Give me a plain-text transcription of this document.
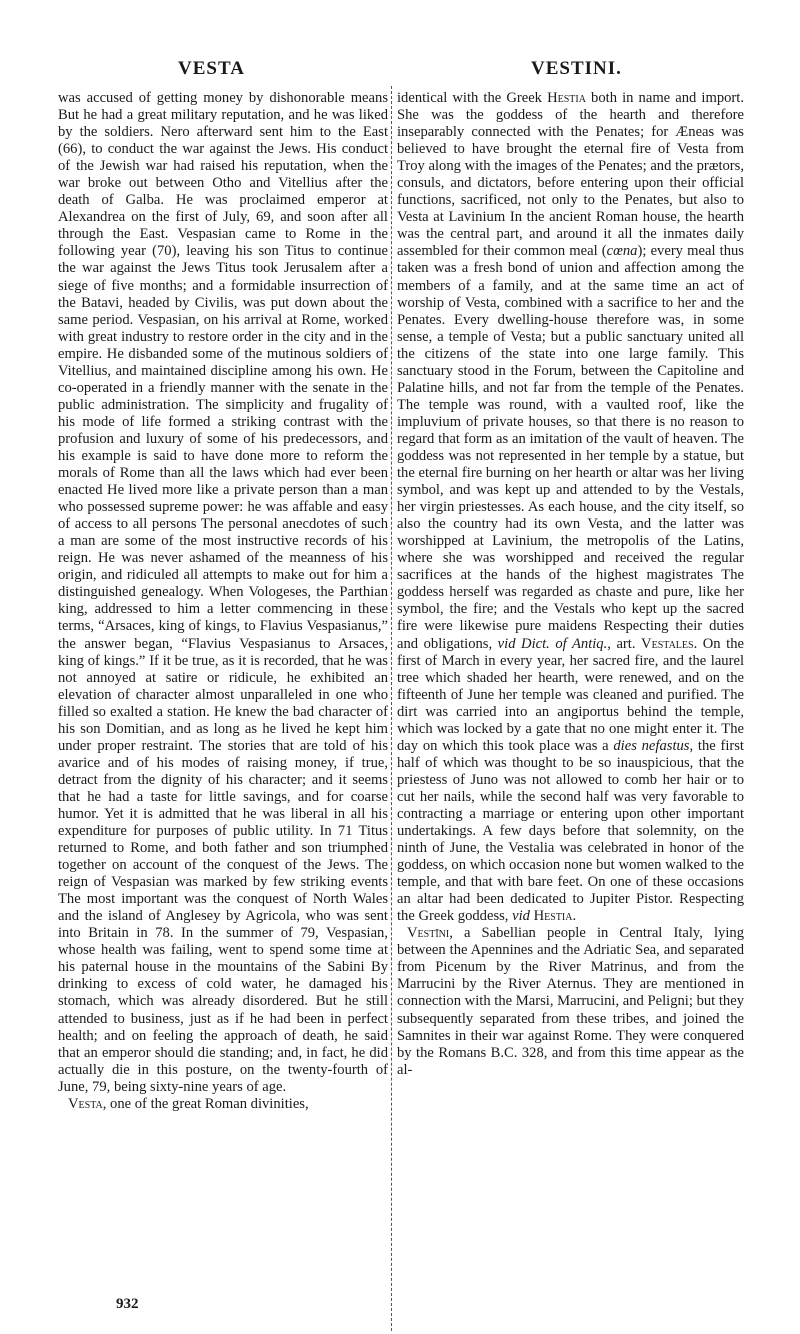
VESTA	VESTINI.

was accused of getting money by dishonorable means But he had a great military reputation, and he was liked by the soldiers. Nero afterward sent him to the East (66), to conduct the war against the Jews. His conduct of the Jewish war had raised his reputation, when the war broke out between Otho and Vitellius after the death of Galba. He was proclaimed emperor at Alexandrea on the first of July, 69, and soon after all through the East. Vespasian came to Rome in the following year (70), leaving his son Titus to continue the war against the Jews Titus took Jerusalem after a siege of five months; and a formidable insurrection of the Batavi, headed by Civilis, was put down about the same period. Vespasian, on his arrival at Rome, worked with great industry to restore order in the city and in the empire. He disbanded some of the mutinous soldiers of Vitellius, and maintained discipline among his own. He co-operated in a friendly manner with the senate in the public administration. The simplicity and frugality of his mode of life formed a striking contrast with the profusion and luxury of some of his predecessors, and his example is said to have done more to reform the morals of Rome than all the laws which had ever been enacted He lived more like a private person than a man who possessed supreme power: he was affable and easy of access to all persons The personal anecdotes of such a man are some of the most instructive records of his reign. He was never ashamed of the meanness of his origin, and ridiculed all attempts to make out for him a distinguished genealogy. When Vologeses, the Parthian king, addressed to him a letter commencing in these terms, “Arsaces, king of kings, to Flavius Vespasianus,” the answer began, “Flavius Vespasianus to Arsaces, king of kings.” If it be true, as it is recorded, that he was not annoyed at satire or ridicule, he exhibited an elevation of character almost unparalleled in one who filled so exalted a station. He knew the bad character of his son Domitian, and as long as he lived he kept him under proper restraint. The stories that are told of his avarice and of his modes of raising money, if true, detract from the dignity of his character; and it seems that he had a taste for little savings, and for coarse humor. Yet it is admitted that he was liberal in all his expenditure for purposes of public utility. In 71 Titus returned to Rome, and both father and son triumphed together on account of the conquest of the Jews. The reign of Vespasian was marked by few striking events The most important was the conquest of North Wales and the island of Anglesey by Agricola, who was sent into Britain in 78. In the summer of 79, Vespasian, whose health was failing, went to spend some time at his paternal house in the mountains of the Sabini By drinking to excess of cold water, he damaged his stomach, which was already disordered. But he still attended to business, just as if he had been in perfect health; and on feeling the approach of death, he said that an emperor should die standing; and, in fact, he did actually die in this posture, on the twenty-fourth of June, 79, being sixty-nine years of age.

Vesta, one of the great Roman divinities,

identical with the Greek Hestia both in name and import. She was the goddess of the hearth and therefore inseparably connected with the Penates; for Æneas was believed to have brought the eternal fire of Vesta from Troy along with the images of the Penates; and the prætors, consuls, and dictators, before entering upon their official functions, sacrificed, not only to the Penates, but also to Vesta at Lavinium In the ancient Roman house, the hearth was the central part, and around it all the inmates daily assembled for their common meal (cœna); every meal thus taken was a fresh bond of union and affection among the members of a family, and at the same time an act of worship of Vesta, combined with a sacrifice to her and the Penates. Every dwelling-house therefore was, in some sense, a temple of Vesta; but a public sanctuary united all the citizens of the state into one large family. This sanctuary stood in the Forum, between the Capitoline and Palatine hills, and not far from the temple of the Penates. The temple was round, with a vaulted roof, like the impluvium of private houses, so that there is no reason to regard that form as an imitation of the vault of heaven. The goddess was not represented in her temple by a statue, but the eternal fire burning on her hearth or altar was her living symbol, and was kept up and attended to by the Vestals, her virgin priestesses. As each house, and the city itself, so also the country had its own Vesta, and the latter was worshipped at Lavinium, the metropolis of the Latins, where she was worshipped and received the regular sacrifices at the hands of the highest magistrates The goddess herself was regarded as chaste and pure, like her symbol, the fire; and the Vestals who kept up the sacred fire were likewise pure maidens Respecting their duties and obligations, vid Dict. of Antiq., art. Vestales. On the first of March in every year, her sacred fire, and the laurel tree which shaded her hearth, were renewed, and on the fifteenth of June her temple was cleaned and purified. The dirt was carried into an angiportus behind the temple, which was locked by a gate that no one might enter it. The day on which this took place was a dies nefastus, the first half of which was thought to be so inauspicious, that the priestess of Juno was not allowed to comb her hair or to cut her nails, while the second half was very favorable to contracting a marriage or entering upon other important undertakings. A few days before that solemnity, on the ninth of June, the Vestalia was celebrated in honor of the goddess, on which occasion none but women walked to the temple, and that with bare feet. On one of these occasions an altar had been dedicated to Jupiter Pistor. Respecting the Greek goddess, vid Hestia.

Vestīni, a Sabellian people in Central Italy, lying between the Apennines and the Adriatic Sea, and separated from Picenum by the River Matrinus, and from the Marrucini by the River Aternus. They are mentioned in connection with the Marsi, Marrucini, and Peligni; but they subsequently separated from these tribes, and joined the Samnites in their war against Rome. They were conquered by the Romans B.C. 328, and from this time appear as the al-

932
